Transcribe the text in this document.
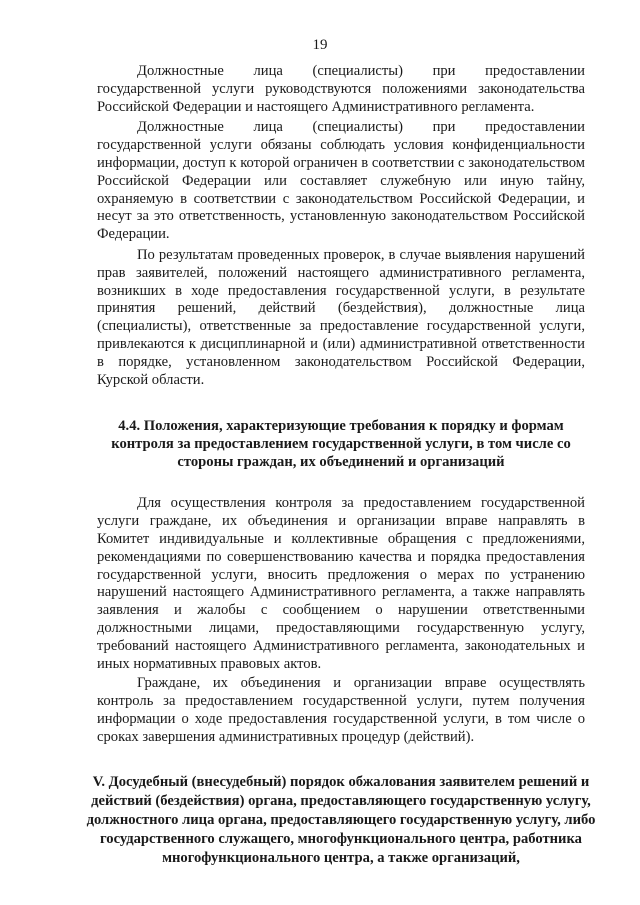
19

Должностные лица (специалисты) при предоставлении государственной услуги руководствуются положениями законодательства Российской Федерации и настоящего Административного регламента.

Должностные лица (специалисты) при предоставлении государственной услуги обязаны соблюдать условия конфиденциальности информации, доступ к которой ограничен в соответствии с законодательством Российской Федерации или составляет служебную или иную тайну, охраняемую в соответствии с законодательством Российской Федерации, и несут за это ответственность, установленную законодательством Российской Федерации.

По результатам проведенных проверок, в случае выявления нарушений прав заявителей, положений настоящего административного регламента, возникших в ходе предоставления государственной услуги, в результате принятия решений, действий (бездействия), должностные лица (специалисты), ответственные за предоставление государственной услуги, привлекаются к дисциплинарной и (или) административной ответственности в порядке, установленном законодательством Российской Федерации, Курской области.

4.4. Положения, характеризующие требования к порядку и формам контроля за предоставлением государственной услуги, в том числе со стороны граждан, их объединений и организаций

Для осуществления контроля за предоставлением государственной услуги граждане, их объединения и организации вправе направлять в Комитет индивидуальные и коллективные обращения с предложениями, рекомендациями по совершенствованию качества и порядка предоставления государственной услуги, вносить предложения о мерах по устранению нарушений настоящего Административного регламента, а также направлять заявления и жалобы с сообщением о нарушении ответственными должностными лицами, предоставляющими государственную услугу, требований настоящего Административного регламента, законодательных и иных нормативных правовых актов.

Граждане, их объединения и организации вправе осуществлять контроль за предоставлением государственной услуги, путем получения информации о ходе предоставления государственной услуги, в том числе о сроках завершения административных процедур (действий).

V. Досудебный (внесудебный) порядок обжалования заявителем решений и действий (бездействия) органа, предоставляющего государственную услугу, должностного лица органа, предоставляющего государственную услугу, либо государственного служащего, многофункционального центра, работника многофункционального центра, а также организаций,
